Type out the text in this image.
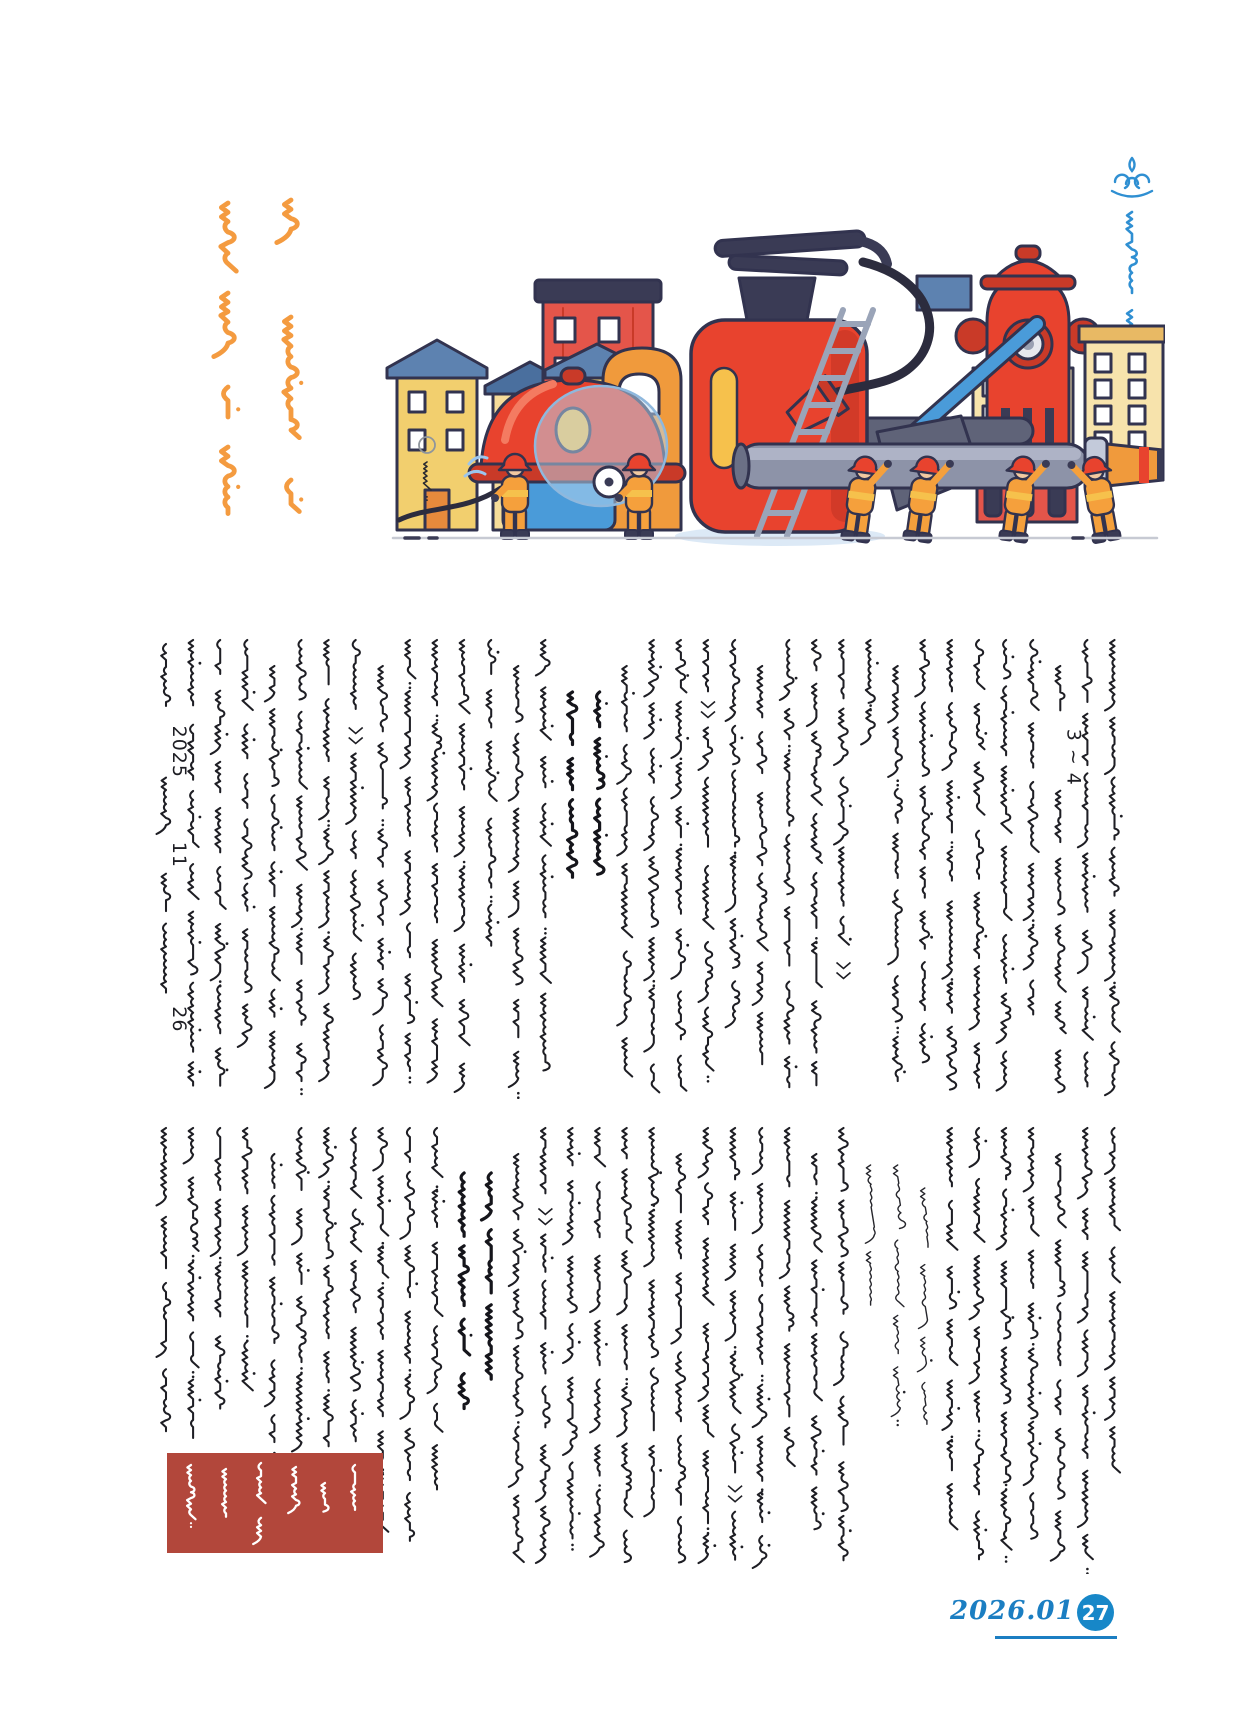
2025
11
26
3 ~ 4
2026.01 27
